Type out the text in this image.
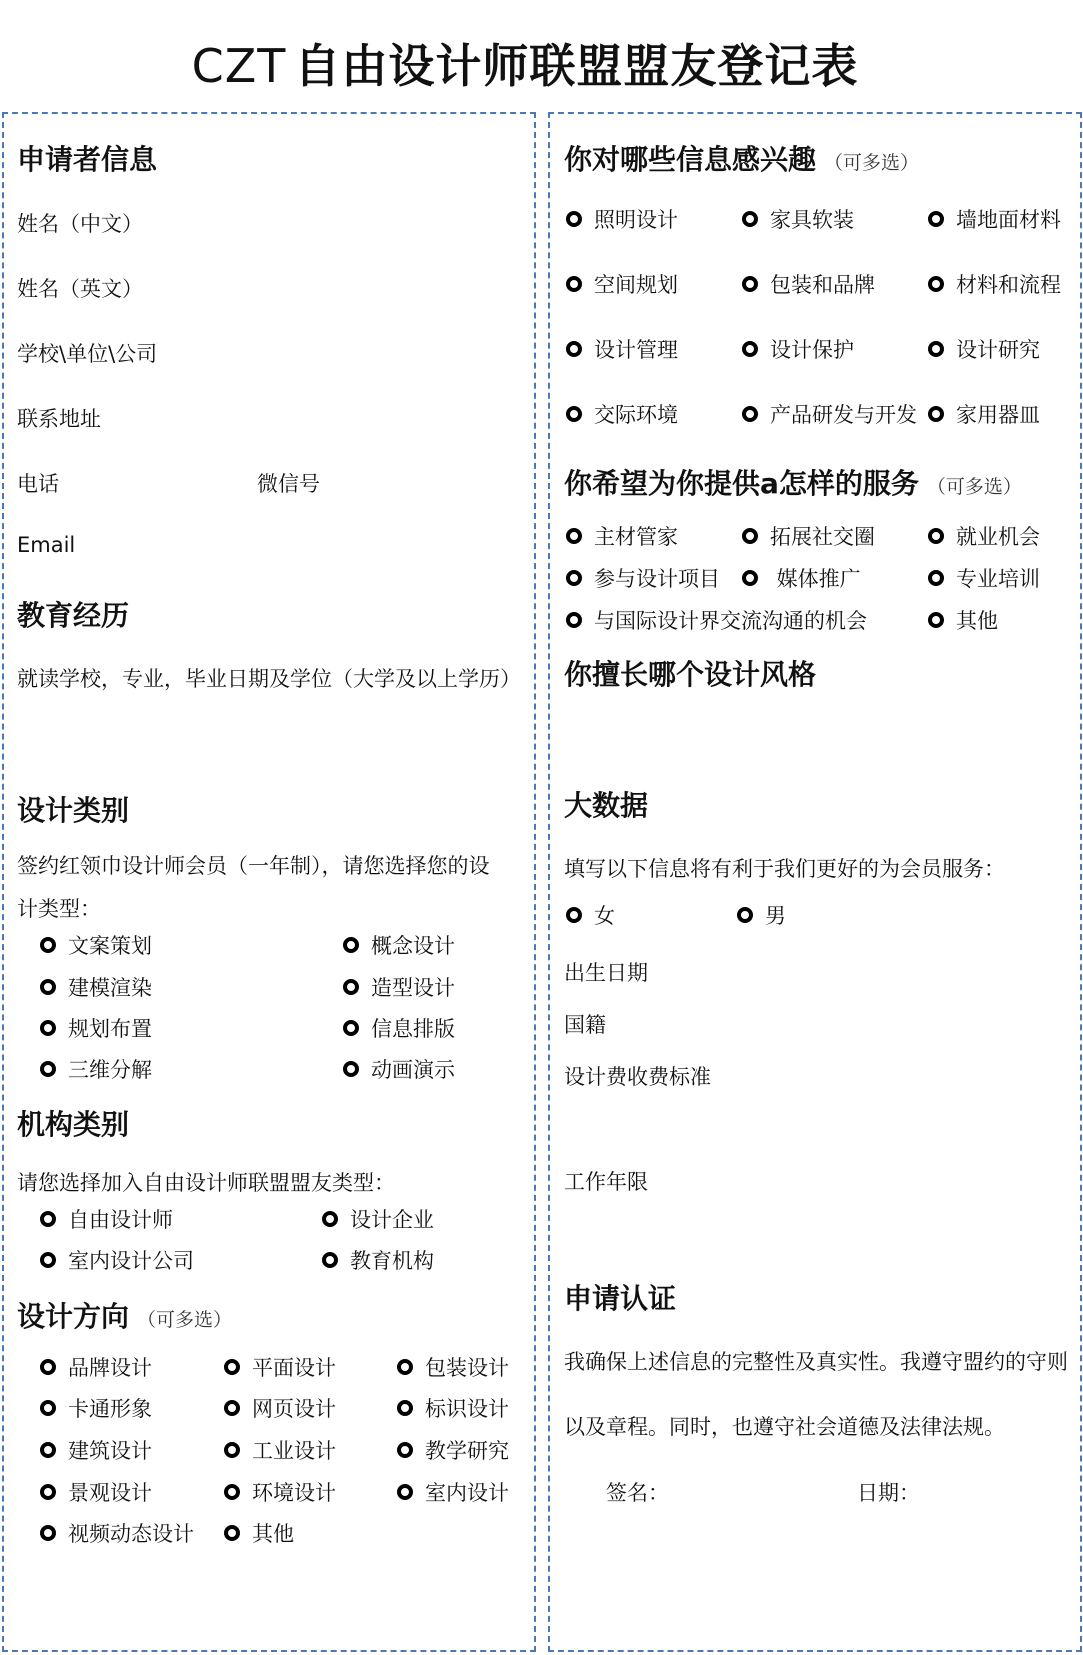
CZT 自由设计师联盟盟友登记表
申请者信息
姓名（中文）
姓名（英文）
学校\单位\公司
联系地址
电话	微信号
Email
教育经历
就读学校，专业，毕业日期及学位（大学及以上学历）
设计类别
签约红领巾设计师会员（一年制），请您选择您的设
计类型：
文案策划	概念设计
建模渲染	造型设计
规划布置	信息排版
三维分解	动画演示
机构类别
请您选择加入自由设计师联盟盟友类型：
自由设计师	设计企业
室内设计公司	教育机构
设计方向 （可多选）
品牌设计	平面设计	包装设计
卡通形象	网页设计	标识设计
建筑设计	工业设计	教学研究
景观设计	环境设计	室内设计
视频动态设计	其他
你对哪些信息感兴趣 （可多选）
照明设计	家具软装	墙地面材料
空间规划	包装和品牌	材料和流程
设计管理	设计保护	设计研究
交际环境	产品研发与开发	家用器皿
你希望为你提供a怎样的服务 （可多选）
主材管家	拓展社交圈	就业机会
参与设计项目	媒体推广	专业培训
与国际设计界交流沟通的机会	其他
你擅长哪个设计风格
大数据
填写以下信息将有利于我们更好的为会员服务：
女	男
出生日期
国籍
设计费收费标准
工作年限
申请认证
我确保上述信息的完整性及真实性。我遵守盟约的守则
以及章程。同时，也遵守社会道德及法律法规。
签名：	日期：
